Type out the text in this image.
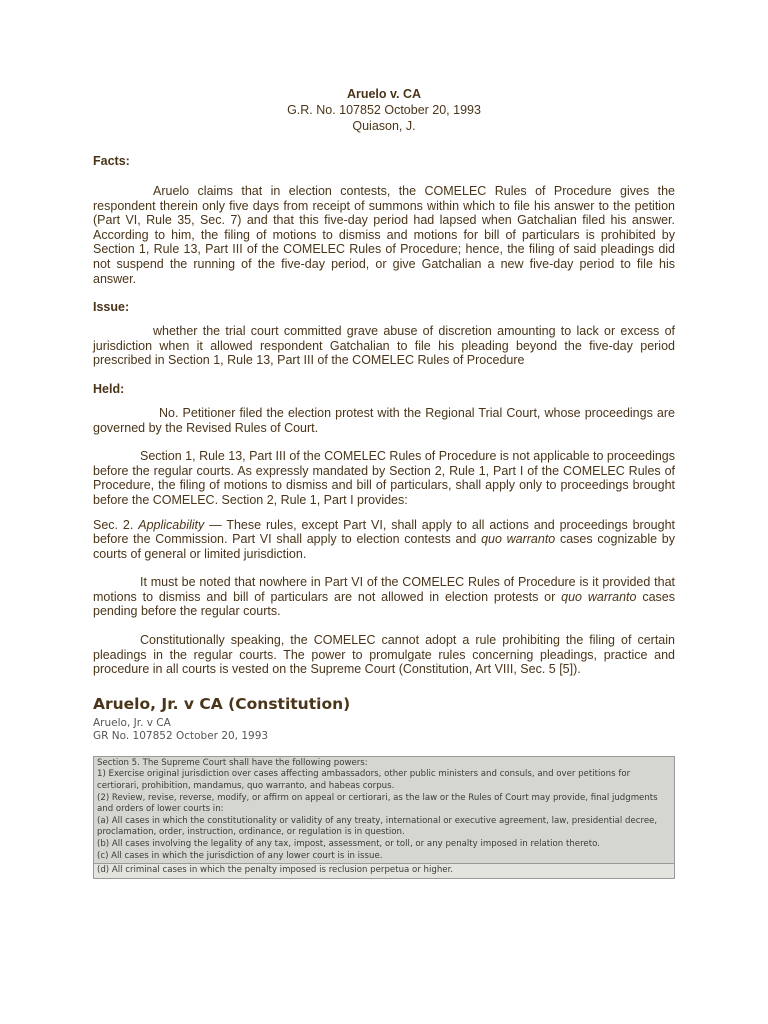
Aruelo v. CA
G.R. No. 107852 October 20, 1993
Quiason, J.
Facts:

Aruelo claims that in election contests, the COMELEC Rules of Procedure gives the respondent therein only five days from receipt of summons within which to file his answer to the petition (Part VI, Rule 35, Sec. 7) and that this five-day period had lapsed when Gatchalian filed his answer. According to him, the filing of motions to dismiss and motions for bill of particulars is prohibited by Section 1, Rule 13, Part III of the COMELEC Rules of Procedure; hence, the filing of said pleadings did not suspend the running of the five-day period, or give Gatchalian a new five-day period to file his answer.

Issue:

whether the trial court committed grave abuse of discretion amounting to lack or excess of jurisdiction when it allowed respondent Gatchalian to file his pleading beyond the five-day period prescribed in Section 1, Rule 13, Part III of the COMELEC Rules of Procedure

Held:

No. Petitioner filed the election protest with the Regional Trial Court, whose proceedings are governed by the Revised Rules of Court.

Section 1, Rule 13, Part III of the COMELEC Rules of Procedure is not applicable to proceedings before the regular courts. As expressly mandated by Section 2, Rule 1, Part I of the COMELEC Rules of Procedure, the filing of motions to dismiss and bill of particulars, shall apply only to proceedings brought before the COMELEC. Section 2, Rule 1, Part I provides:

Sec. 2. Applicability — These rules, except Part VI, shall apply to all actions and proceedings brought before the Commission. Part VI shall apply to election contests and quo warranto cases cognizable by courts of general or limited jurisdiction.

It must be noted that nowhere in Part VI of the COMELEC Rules of Procedure is it provided that motions to dismiss and bill of particulars are not allowed in election protests or quo warranto cases pending before the regular courts.

Constitutionally speaking, the COMELEC cannot adopt a rule prohibiting the filing of certain pleadings in the regular courts. The power to promulgate rules concerning pleadings, practice and procedure in all courts is vested on the Supreme Court (Constitution, Art VIII, Sec. 5 [5]).

Aruelo, Jr. v CA (Constitution)
Aruelo, Jr. v CA
GR No. 107852 October 20, 1993
Section 5. The Supreme Court shall have the following powers:
1) Exercise original jurisdiction over cases affecting ambassadors, other public ministers and consuls, and over petitions for certiorari, prohibition, mandamus, quo warranto, and habeas corpus.
(2) Review, revise, reverse, modify, or affirm on appeal or certiorari, as the law or the Rules of Court may provide, final judgments and orders of lower courts in:
(a) All cases in which the constitutionality or validity of any treaty, international or executive agreement, law, presidential decree, proclamation, order, instruction, ordinance, or regulation is in question.
(b) All cases involving the legality of any tax, impost, assessment, or toll, or any penalty imposed in relation thereto.
(c) All cases in which the jurisdiction of any lower court is in issue.
(d) All criminal cases in which the penalty imposed is reclusion perpetua or higher.
